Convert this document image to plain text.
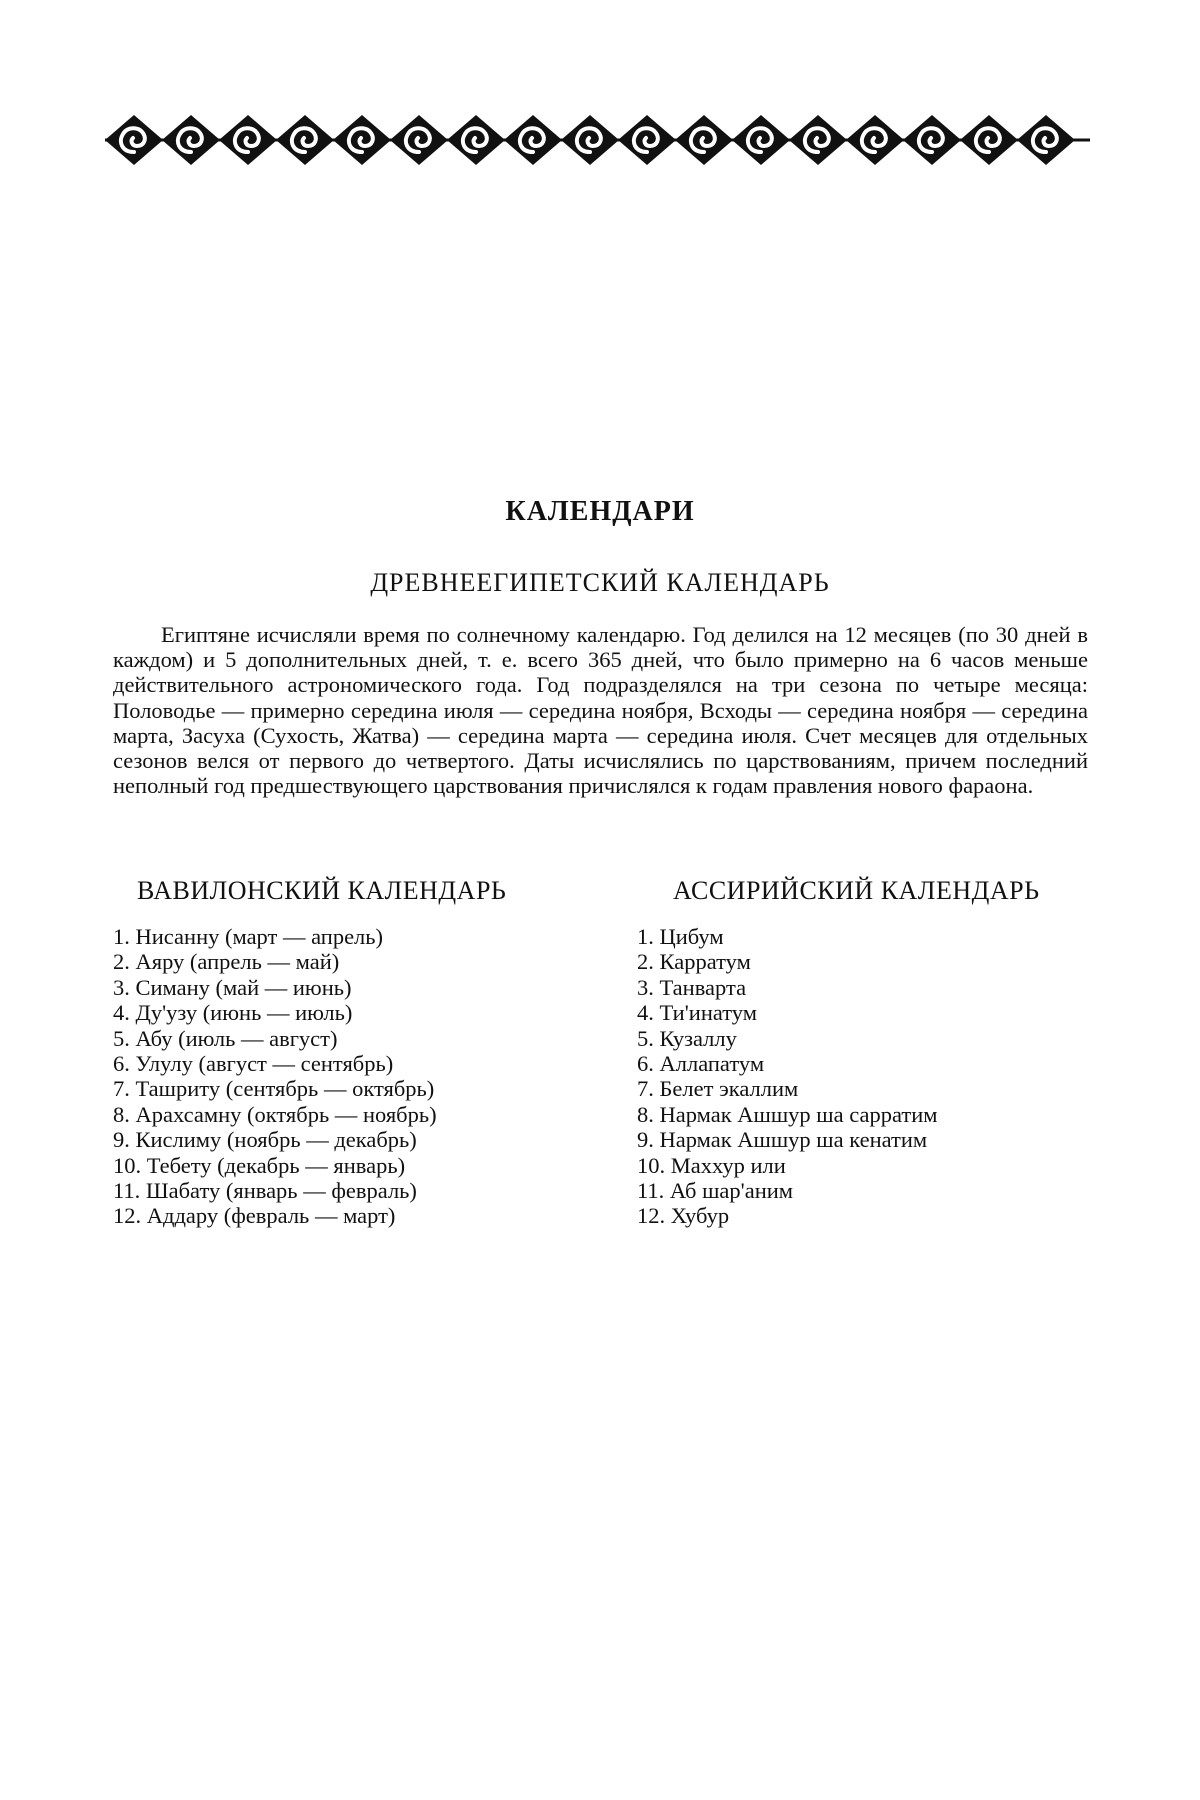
КАЛЕНДАРИ
ДРЕВНЕЕГИПЕТСКИЙ КАЛЕНДАРЬ

Египтяне исчисляли время по солнечному календарю. Год делился на 12 месяцев (по 30 дней в каждом) и 5 дополнительных дней, т. е. всего 365 дней, что было примерно на 6 часов меньше действительного астрономического года. Год подразделялся на три сезона по четыре месяца: Половодье — примерно середина июля — середина ноября, Всходы — середина ноября — середина марта, Засуха (Сухость, Жатва) — середина марта — середина июля. Счет месяцев для отдельных сезонов велся от первого до четвертого. Даты исчислялись по царствованиям, причем последний неполный год предшествующего царствования причислялся к годам правления нового фараона.

ВАВИЛОНСКИЙ КАЛЕНДАРЬ
1. Нисанну (март — апрель)
2. Аяру (апрель — май)
3. Симану (май — июнь)
4. Ду'узу (июнь — июль)
5. Абу (июль — август)
6. Улулу (август — сентябрь)
7. Ташриту (сентябрь — октябрь)
8. Арахсамну (октябрь — ноябрь)
9. Кислиму (ноябрь — декабрь)
10. Тебету (декабрь — январь)
11. Шабату (январь — февраль)
12. Аддару (февраль — март)
АССИРИЙСКИЙ КАЛЕНДАРЬ
1. Цибум
2. Карратум
3. Танварта
4. Ти'инатум
5. Кузаллу
6. Аллапатум
7. Белет экаллим
8. Нармак Ашшур ша сарратим
9. Нармак Ашшур ша кенатим
10. Маххур или
11. Аб шар'аним
12. Хубур
